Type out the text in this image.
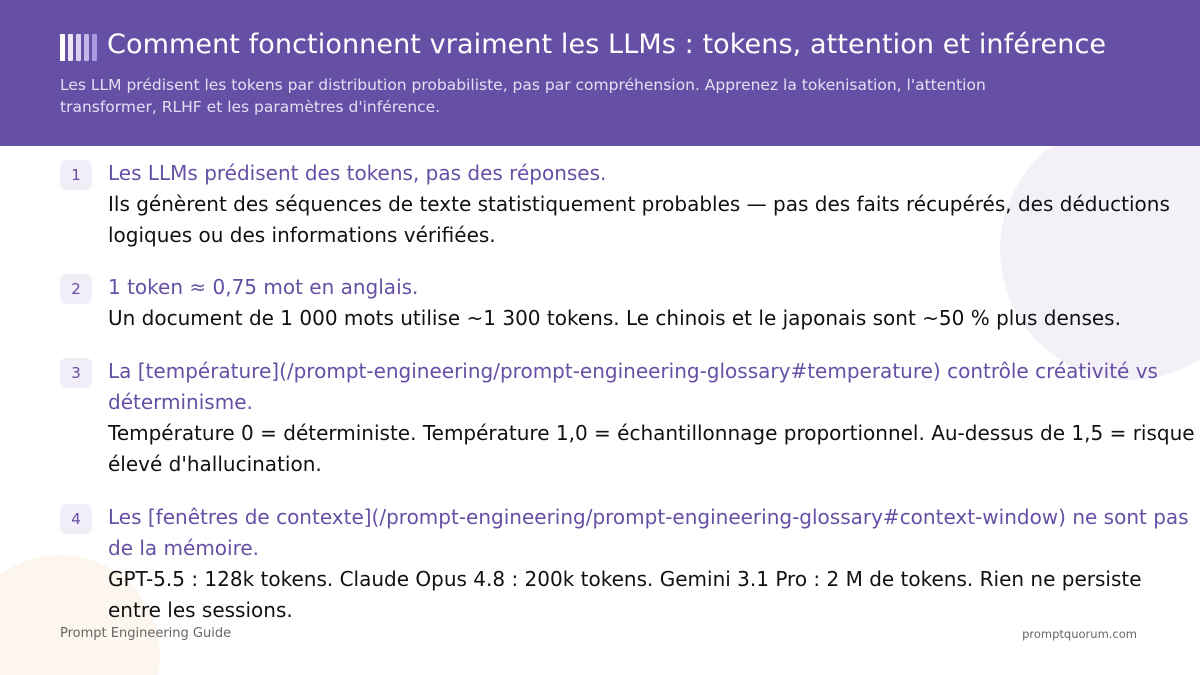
Comment fonctionnent vraiment les LLMs : tokens, attention et inférence

Les LLM prédisent les tokens par distribution probabiliste, pas par compréhension. Apprenez la tokenisation, l'attention transformer, RLHF et les paramètres d'inférence.

1	Les LLMs prédisent des tokens, pas des réponses.
Ils génèrent des séquences de texte statistiquement probables — pas des faits récupérés, des déductions logiques ou des informations vérifiées.
2	1 token ≈ 0,75 mot en anglais.
Un document de 1 000 mots utilise ~1 300 tokens. Le chinois et le japonais sont ~50 % plus denses.
3	La [température](/prompt-engineering/prompt-engineering-glossary#temperature) contrôle créativité vs déterminisme.
Température 0 = déterministe. Température 1,0 = échantillonnage proportionnel. Au-dessus de 1,5 = risque élevé d'hallucination.
4	Les [fenêtres de contexte](/prompt-engineering/prompt-engineering-glossary#context-window) ne sont pas de la mémoire.
GPT-5.5 : 128k tokens. Claude Opus 4.8 : 200k tokens. Gemini 3.1 Pro : 2 M de tokens. Rien ne persiste entre les sessions.
Prompt Engineering Guide	promptquorum.com
